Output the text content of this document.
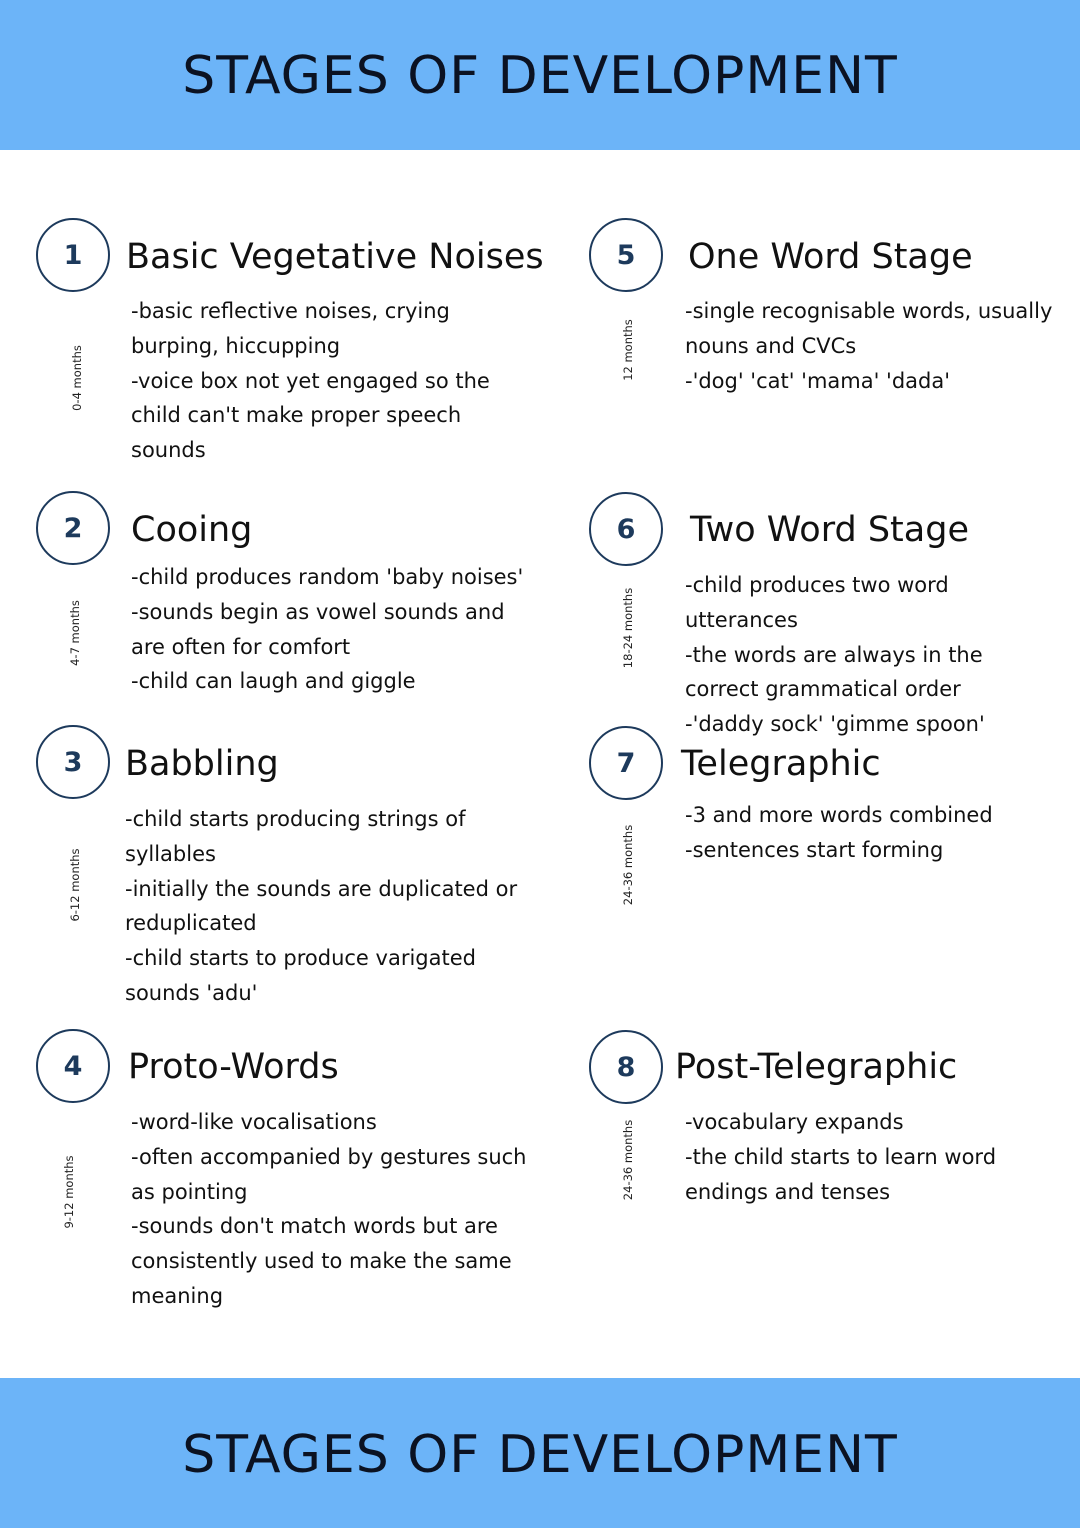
STAGES OF DEVELOPMENT
1	Basic Vegetative Noises
0-4 months
-basic reflective noises, crying burping, hiccupping
-voice box not yet engaged so the child can't make proper speech sounds
2	Cooing
4-7 months
-child produces random 'baby noises'
-sounds begin as vowel sounds and are often for comfort
-child can laugh and giggle
3	Babbling
6-12 months
-child starts producing strings of syllables
-initially the sounds are duplicated or reduplicated
-child starts to produce varigated sounds 'adu'
4	Proto-Words
9-12 months
-word-like vocalisations
-often accompanied by gestures such as pointing
-sounds don't match words but are consistently used to make the same meaning
5	One Word Stage
12 months
-single recognisable words, usually nouns and CVCs
-'dog' 'cat' 'mama' 'dada'
6	Two Word Stage
18-24 months
-child produces two word utterances
-the words are always in the correct grammatical order
-'daddy sock' 'gimme spoon'
7	Telegraphic
24-36 months
-3 and more words combined
-sentences start forming
8	Post-Telegraphic
24-36 months -vocabulary expands
-the child starts to learn word endings and tenses
STAGES OF DEVELOPMENT
